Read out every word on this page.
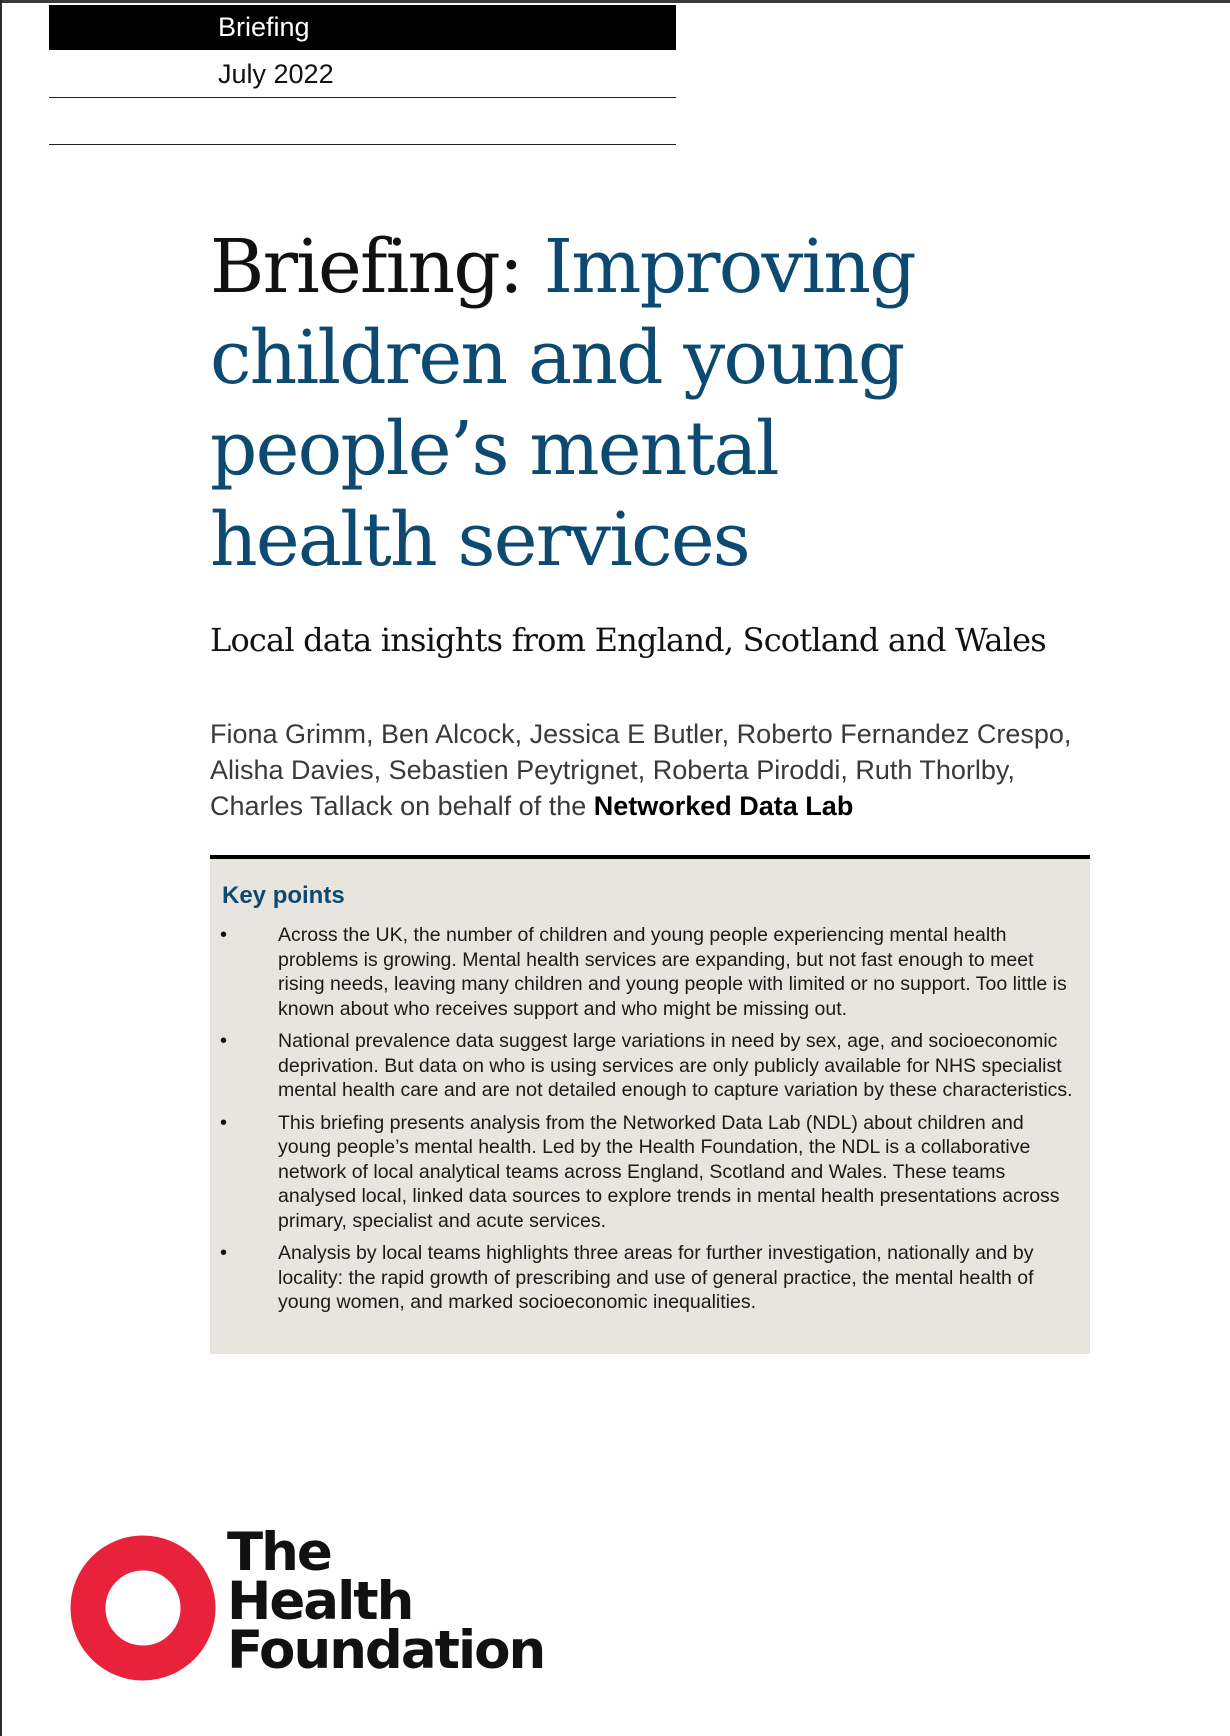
Briefing
July 2022
Briefing: Improving children and young people’s mental health services
Local data insights from England, Scotland and Wales
Fiona Grimm, Ben Alcock, Jessica E Butler, Roberto Fernandez Crespo, Alisha Davies, Sebastien Peytrignet, Roberta Piroddi, Ruth Thorlby, Charles Tallack on behalf of the Networked Data Lab
Key points
•	Across the UK, the number of children and young people experiencing mental health problems is growing. Mental health services are expanding, but not fast enough to meet rising needs, leaving many children and young people with limited or no support. Too little is known about who receives support and who might be missing out.
•	National prevalence data suggest large variations in need by sex, age, and socioeconomic deprivation. But data on who is using services are only publicly available for NHS specialist mental health care and are not detailed enough to capture variation by these characteristics.
•	This briefing presents analysis from the Networked Data Lab (NDL) about children and young people’s mental health. Led by the Health Foundation, the NDL is a collaborative network of local analytical teams across England, Scotland and Wales. These teams analysed local, linked data sources to explore trends in mental health presentations across primary, specialist and acute services.
•	Analysis by local teams highlights three areas for further investigation, nationally and by locality: the rapid growth of prescribing and use of general practice, the mental health of young women, and marked socioeconomic inequalities.
The
Health
Foundation
